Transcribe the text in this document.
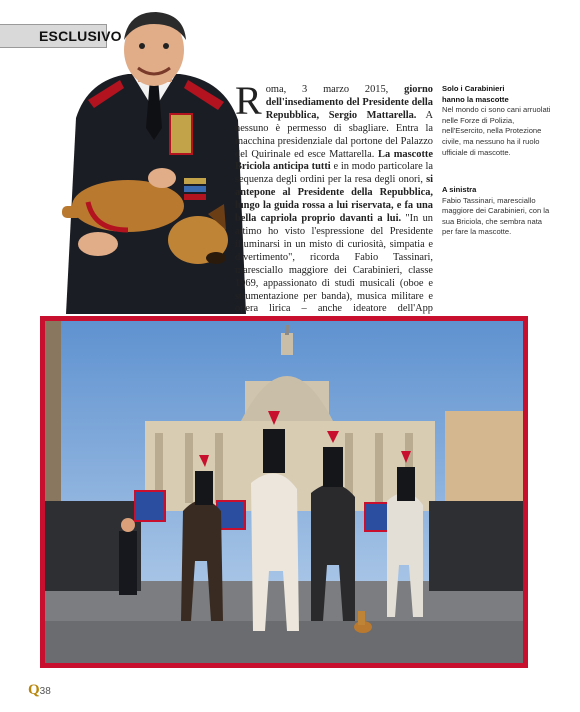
ESCLUSIVO
Roma, 3 marzo 2015, giorno dell'insediamento del Presidente della Repubblica, Sergio Mattarella. A nessuno è permesso di sbagliare. Entra la macchina presidenziale dal portone del Palazzo del Quirinale ed esce Mattarella. La mascotte Briciola anticipa tutti e in modo particolare la sequenza degli ordini per la resa degli onori, si antepone al Presidente della Repubblica, lungo la guida rossa a lui riservata, e fa una bella capriola proprio davanti a lui. "In un attimo ho visto l'espressione del Presidente illuminarsi in un misto di curiosità, simpatia e divertimento", ricorda Fabio Tassinari, maresciallo maggiore dei Carabinieri, classe 1969, appassionato di studi musicali (oboe e strumentazione per banda), musica militare e opera lirica – anche ideatore dell'App
Solo i Carabinieri
hanno la mascotte
Nel mondo ci sono cani arruolati nelle Forze di Polizia, nell'Esercito, nella Protezione civile, ma nessuno ha il ruolo ufficiale di mascotte.
A sinistra
Fabio Tassinari, maresciallo maggiore dei Carabinieri, con la sua Briciola, che sembra nata per fare la mascotte.
Q38
